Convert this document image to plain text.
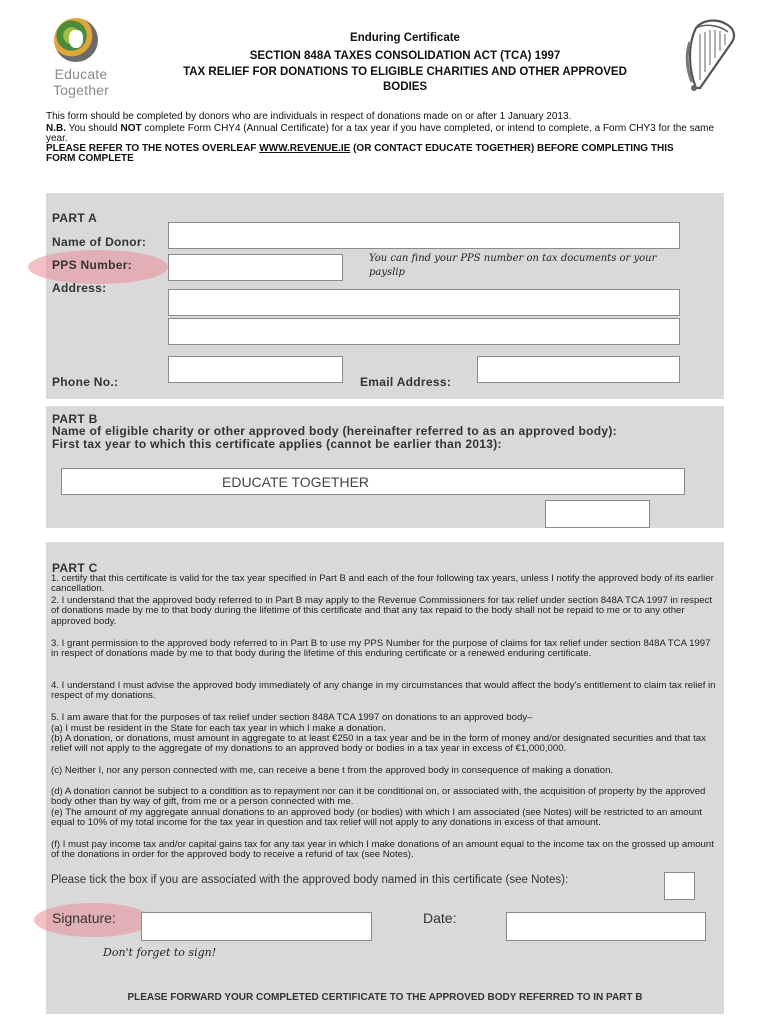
Educate
Together
Enduring Certificate
SECTION 848A TAXES CONSOLIDATION ACT (TCA) 1997
TAX RELIEF FOR DONATIONS TO ELIGIBLE CHARITIES AND OTHER APPROVED
BODIES
This form should be completed by donors who are individuals in respect of donations made on or after 1 January 2013.
N.B. You should NOT complete Form CHY4 (Annual Certificate) for a tax year if you have completed, or intend to complete, a Form CHY3 for the same year.
PLEASE REFER TO THE NOTES OVERLEAF WWW.REVENUE.IE (OR CONTACT EDUCATE TOGETHER) BEFORE COMPLETING THIS FORM COMPLETE
PART A
Name of Donor:
PPS Number:	You can find your PPS number on tax documents or your payslip
Address:
Phone No.:	Email Address:
PART B
Name of eligible charity or other approved body (hereinafter referred to as an approved body):
First tax year to which this certificate applies (cannot be earlier than 2013):
EDUCATE TOGETHER
PART C
1. certify that this certificate is valid for the tax year specified in Part B and each of the four following tax years, unless I notify the approved body of its earlier cancellation.
2. I understand that the approved body referred to in Part B may apply to the Revenue Commissioners for tax relief under section 848A TCA 1997 in respect of donations made by me to that body during the lifetime of this certificate and that any tax repaid to the body shall not be repaid to me or to any other approved body.
3. I grant permission to the approved body referred to in Part B to use my PPS Number for the purpose of claims for tax relief under section 848A TCA 1997 in respect of donations made by me to that body during the lifetime of this enduring certificate or a renewed enduring certificate.
4. I understand I must advise the approved body immediately of any change in my circumstances that would affect the body's entitlement to claim tax relief in respect of my donations.
5. I am aware that for the purposes of tax relief under section 848A TCA 1997 on donations to an approved body–
(a) I must be resident in the State for each tax year in which I make a donation.
(b) A donation, or donations, must amount in aggregate to at least €250 in a tax year and be in the form of money and/or designated securities and that tax relief will not apply to the aggregate of my donations to an approved body or bodies in a tax year in excess of €1,000,000.
(c) Neither I, nor any person connected with me, can receive a bene t from the approved body in consequence of making a donation.
(d) A donation cannot be subject to a condition as to repayment nor can it be conditional on, or associated with, the acquisition of property by the approved body other than by way of gift, from me or a person connected with me.
(e) The amount of my aggregate annual donations to an approved body (or bodies) with which I am associated (see Notes) will be restricted to an amount equal to 10% of my total income for the tax year in question and tax relief will not apply to any donations in excess of that amount.
(f) I must pay income tax and/or capital gains tax for any tax year in which I make donations of an amount equal to the income tax on the grossed up amount of the donations in order for the approved body to receive a refund of tax (see Notes).
Please tick the box if you are associated with the approved body named in this certificate (see Notes):
Signature:	Date:
Don't forget to sign!
PLEASE FORWARD YOUR COMPLETED CERTIFICATE TO THE APPROVED BODY REFERRED TO IN PART B
